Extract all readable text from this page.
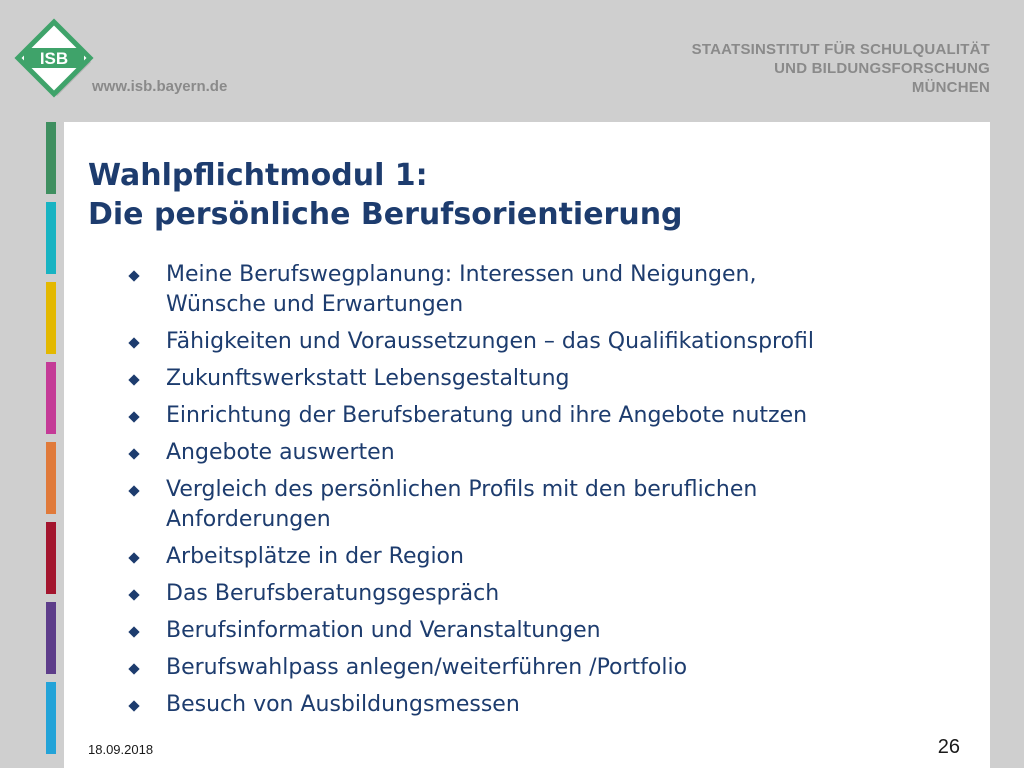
ISB
www.isb.bayern.de
STAATSINSTITUT FÜR SCHULQUALITÄT
UND BILDUNGSFORSCHUNG
MÜNCHEN
Wahlpflichtmodul 1:
Die persönliche Berufsorientierung
Meine Berufswegplanung: Interessen und Neigungen,
Wünsche und Erwartungen
Fähigkeiten und Voraussetzungen – das Qualifikationsprofil
Zukunftswerkstatt Lebensgestaltung
Einrichtung der Berufsberatung und ihre Angebote nutzen
Angebote auswerten
Vergleich des persönlichen Profils mit den beruflichen
Anforderungen
Arbeitsplätze in der Region
Das Berufsberatungsgespräch
Berufsinformation und Veranstaltungen
Berufswahlpass anlegen/weiterführen /Portfolio
Besuch von Ausbildungsmessen
18.09.2018	26
